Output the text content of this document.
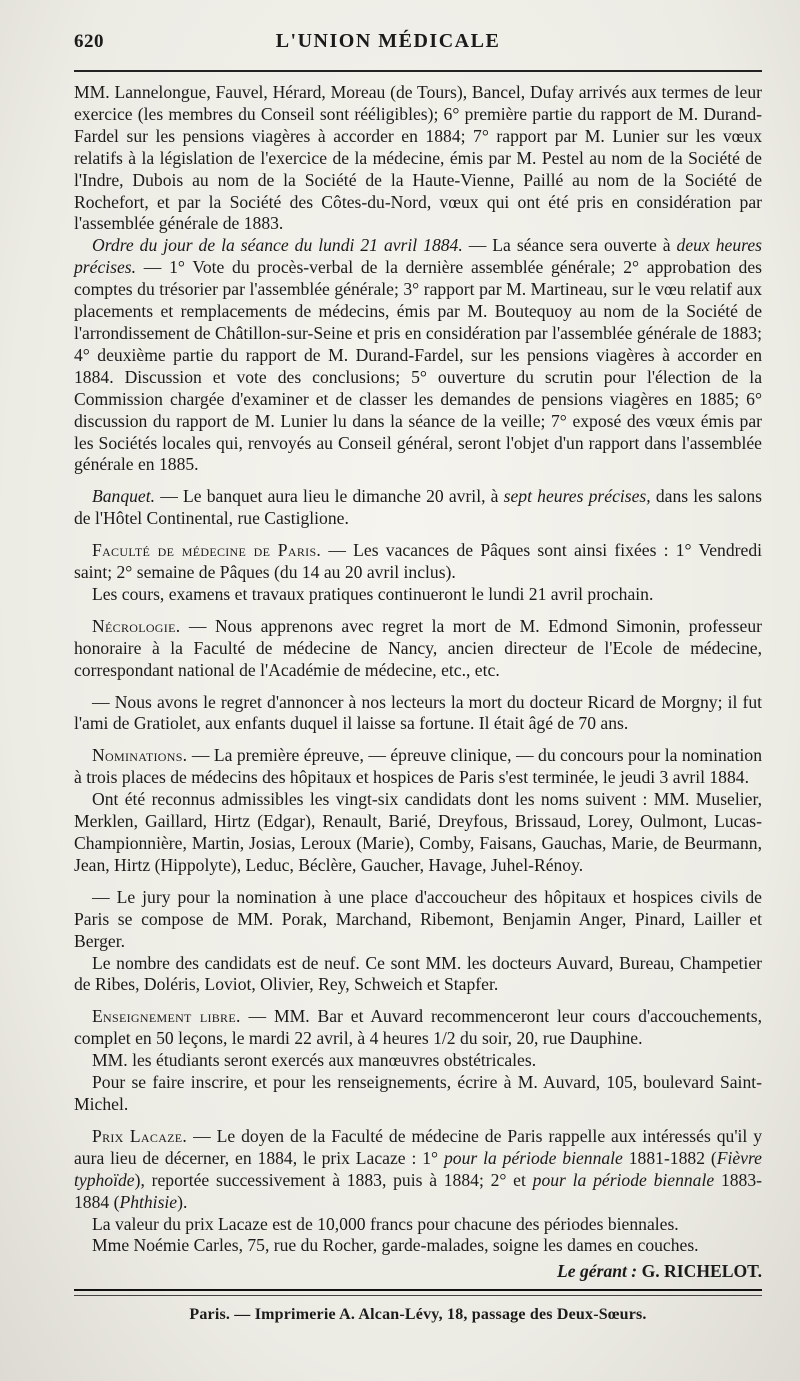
620	L'UNION MÉDICALE

MM. Lannelongue, Fauvel, Hérard, Moreau (de Tours), Bancel, Dufay arrivés aux termes de leur exercice (les membres du Conseil sont rééligibles); 6° première partie du rapport de M. Durand-Fardel sur les pensions viagères à accorder en 1884; 7° rapport par M. Lunier sur les vœux relatifs à la législation de l'exercice de la médecine, émis par M. Pestel au nom de la Société de l'Indre, Dubois au nom de la Société de la Haute-Vienne, Paillé au nom de la Société de Rochefort, et par la Société des Côtes-du-Nord, vœux qui ont été pris en considération par l'assemblée générale de 1883.

Ordre du jour de la séance du lundi 21 avril 1884. — La séance sera ouverte à deux heures précises. — 1° Vote du procès-verbal de la dernière assemblée générale; 2° approbation des comptes du trésorier par l'assemblée générale; 3° rapport par M. Martineau, sur le vœu relatif aux placements et remplacements de médecins, émis par M. Boutequoy au nom de la Société de l'arrondissement de Châtillon-sur-Seine et pris en considération par l'assemblée générale de 1883; 4° deuxième partie du rapport de M. Durand-Fardel, sur les pensions viagères à accorder en 1884. Discussion et vote des conclusions; 5° ouverture du scrutin pour l'élection de la Commission chargée d'examiner et de classer les demandes de pensions viagères en 1885; 6° discussion du rapport de M. Lunier lu dans la séance de la veille; 7° exposé des vœux émis par les Sociétés locales qui, renvoyés au Conseil général, seront l'objet d'un rapport dans l'assemblée générale en 1885.

Banquet. — Le banquet aura lieu le dimanche 20 avril, à sept heures précises, dans les salons de l'Hôtel Continental, rue Castiglione.

Faculté de médecine de Paris. — Les vacances de Pâques sont ainsi fixées : 1° Vendredi saint; 2° semaine de Pâques (du 14 au 20 avril inclus).

Les cours, examens et travaux pratiques continueront le lundi 21 avril prochain.

Nécrologie. — Nous apprenons avec regret la mort de M. Edmond Simonin, professeur honoraire à la Faculté de médecine de Nancy, ancien directeur de l'Ecole de médecine, correspondant national de l'Académie de médecine, etc., etc.

— Nous avons le regret d'annoncer à nos lecteurs la mort du docteur Ricard de Morgny; il fut l'ami de Gratiolet, aux enfants duquel il laisse sa fortune. Il était âgé de 70 ans.

Nominations. — La première épreuve, — épreuve clinique, — du concours pour la nomination à trois places de médecins des hôpitaux et hospices de Paris s'est terminée, le jeudi 3 avril 1884.

Ont été reconnus admissibles les vingt-six candidats dont les noms suivent : MM. Muselier, Merklen, Gaillard, Hirtz (Edgar), Renault, Barié, Dreyfous, Brissaud, Lorey, Oulmont, Lucas-Championnière, Martin, Josias, Leroux (Marie), Comby, Faisans, Gauchas, Marie, de Beurmann, Jean, Hirtz (Hippolyte), Leduc, Béclère, Gaucher, Havage, Juhel-Rénoy.

— Le jury pour la nomination à une place d'accoucheur des hôpitaux et hospices civils de Paris se compose de MM. Porak, Marchand, Ribemont, Benjamin Anger, Pinard, Lailler et Berger.

Le nombre des candidats est de neuf. Ce sont MM. les docteurs Auvard, Bureau, Champetier de Ribes, Doléris, Loviot, Olivier, Rey, Schweich et Stapfer.

Enseignement libre. — MM. Bar et Auvard recommenceront leur cours d'accouchements, complet en 50 leçons, le mardi 22 avril, à 4 heures 1/2 du soir, 20, rue Dauphine.

MM. les étudiants seront exercés aux manœuvres obstétricales.

Pour se faire inscrire, et pour les renseignements, écrire à M. Auvard, 105, boulevard Saint-Michel.

Prix Lacaze. — Le doyen de la Faculté de médecine de Paris rappelle aux intéressés qu'il y aura lieu de décerner, en 1884, le prix Lacaze : 1° pour la période biennale 1881-1882 (Fièvre typhoïde), reportée successivement à 1883, puis à 1884; 2° et pour la période biennale 1883-1884 (Phthisie).

La valeur du prix Lacaze est de 10,000 francs pour chacune des périodes biennales.

Mme Noémie Carles, 75, rue du Rocher, garde-malades, soigne les dames en couches.

Le gérant : G. RICHELOT.
Paris. — Imprimerie A. Alcan-Lévy, 18, passage des Deux-Sœurs.
